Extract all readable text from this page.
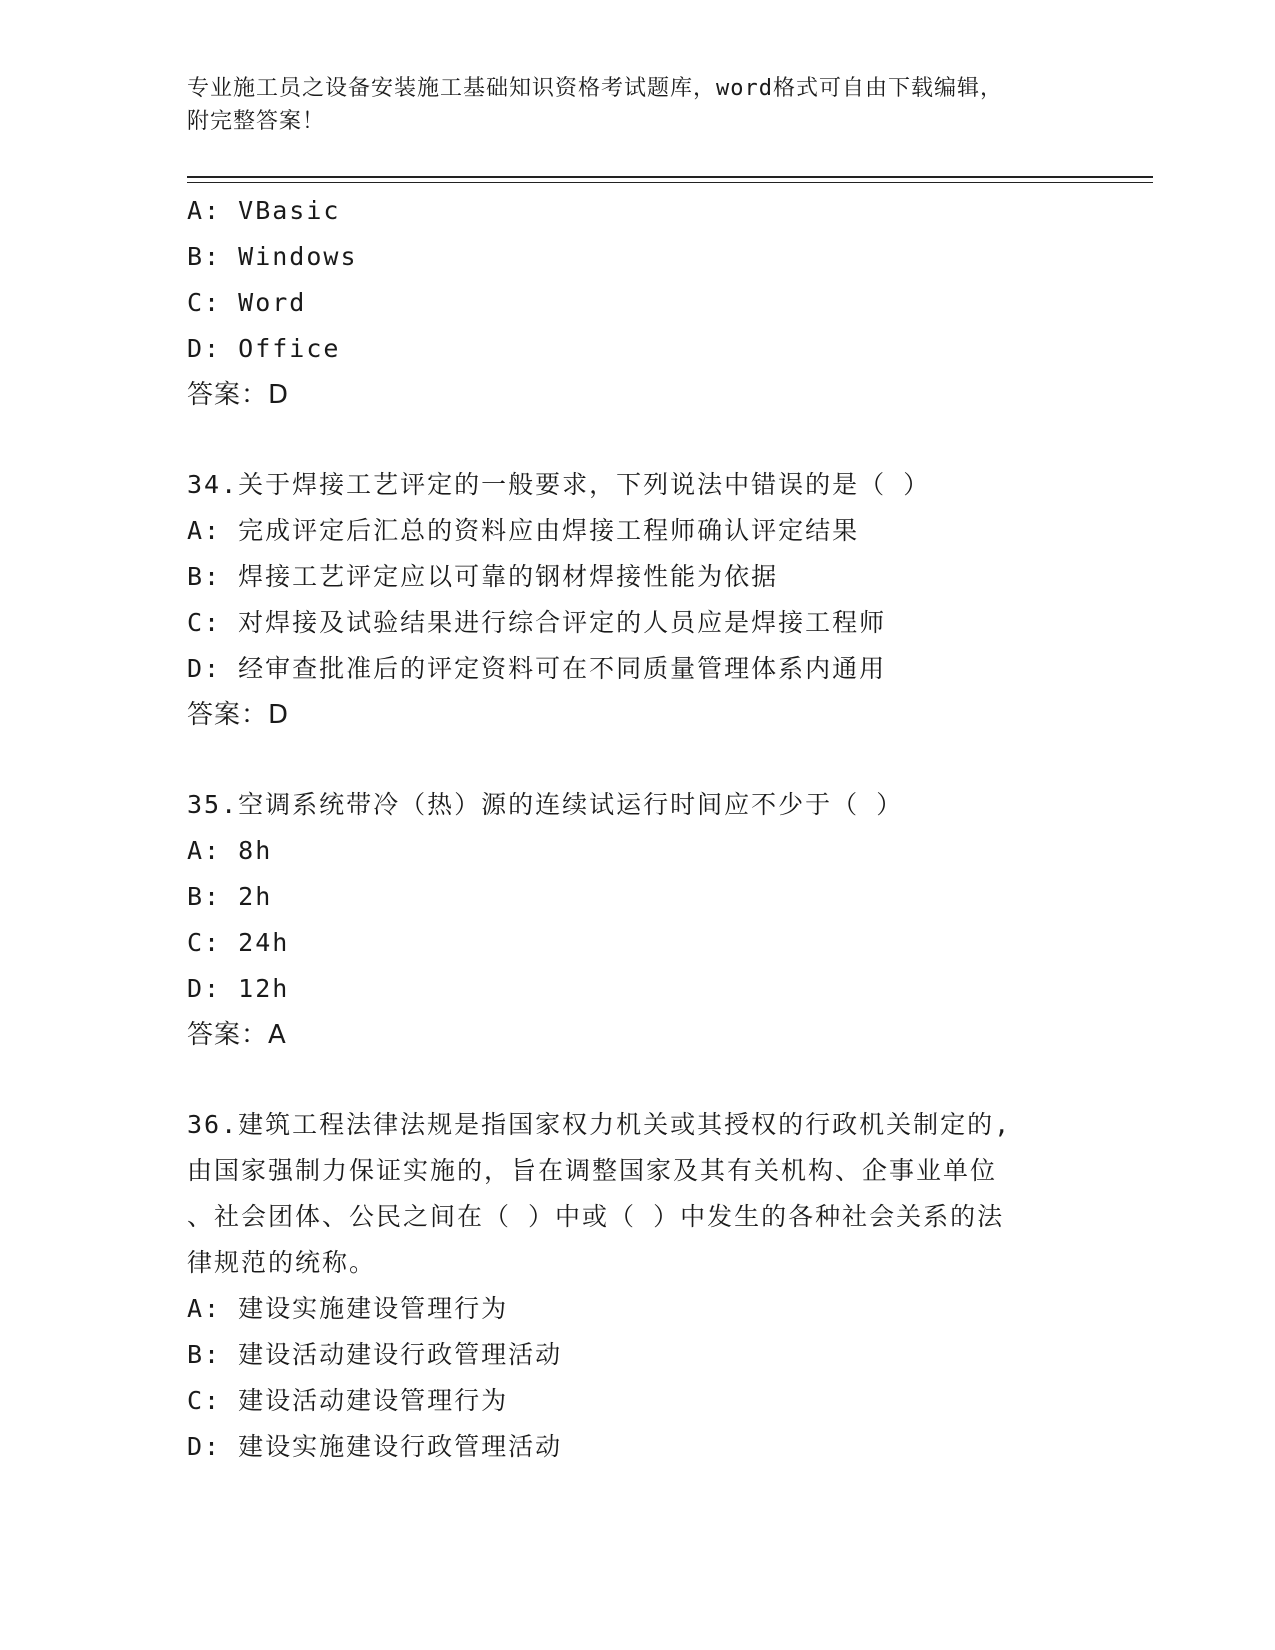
专业施工员之设备安装施工基础知识资格考试题库，word格式可自由下载编辑，
附完整答案！
A: VBasic
B: Windows
C: Word
D: Office
答案：D
34.关于焊接工艺评定的一般要求，下列说法中错误的是（ ）
A: 完成评定后汇总的资料应由焊接工程师确认评定结果
B: 焊接工艺评定应以可靠的钢材焊接性能为依据
C: 对焊接及试验结果进行综合评定的人员应是焊接工程师
D: 经审查批准后的评定资料可在不同质量管理体系内通用
答案：D
35.空调系统带冷（热）源的连续试运行时间应不少于（ ）
A: 8h
B: 2h
C: 24h
D: 12h
答案：A
36.建筑工程法律法规是指国家权力机关或其授权的行政机关制定的,
由国家强制力保证实施的，旨在调整国家及其有关机构、企事业单位
、社会团体、公民之间在（ ）中或（ ）中发生的各种社会关系的法
律规范的统称。
A: 建设实施建设管理行为
B: 建设活动建设行政管理活动
C: 建设活动建设管理行为
D: 建设实施建设行政管理活动
